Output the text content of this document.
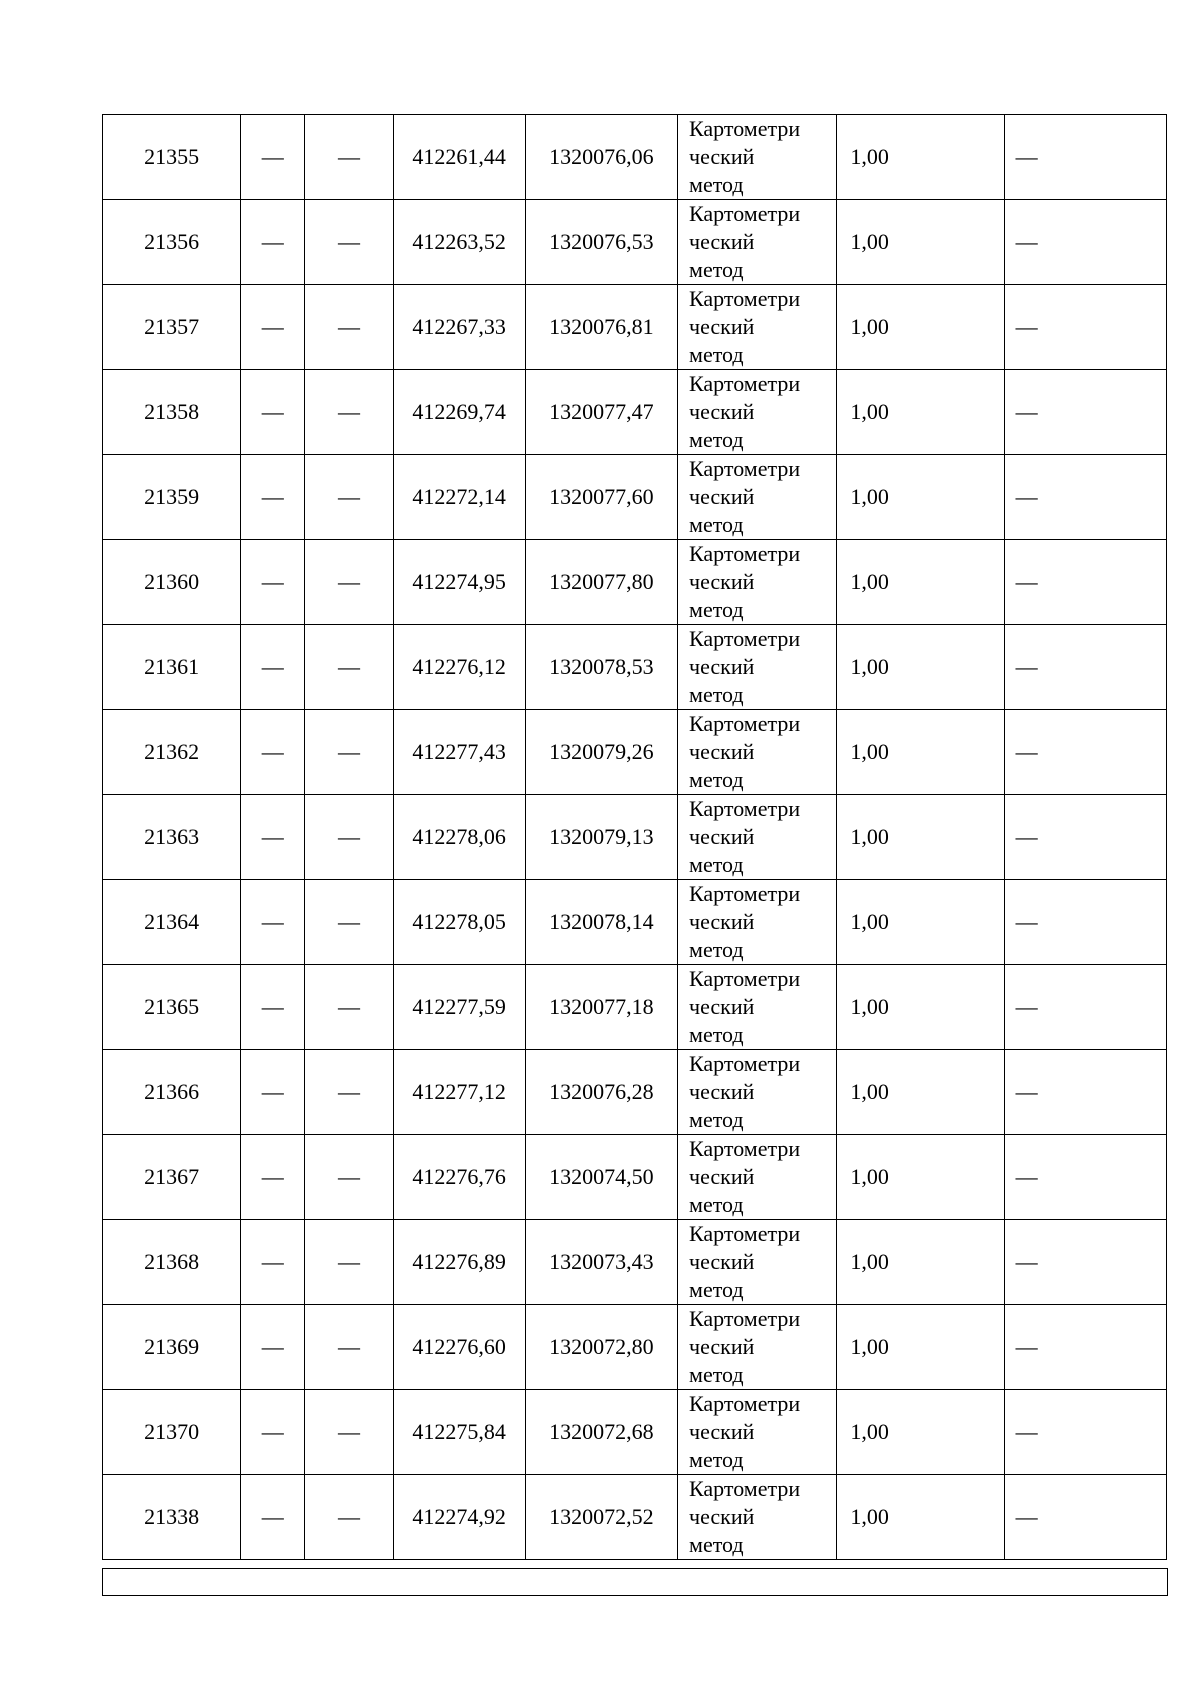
21355	—	—	412261,44	1320076,06	Картометри
ческий
метод	1,00	—
21356	—	—	412263,52	1320076,53	Картометри
ческий
метод	1,00	—
21357	—	—	412267,33	1320076,81	Картометри
ческий
метод	1,00	—
21358	—	—	412269,74	1320077,47	Картометри
ческий
метод	1,00	—
21359	—	—	412272,14	1320077,60	Картометри
ческий
метод	1,00	—
21360	—	—	412274,95	1320077,80	Картометри
ческий
метод	1,00	—
21361	—	—	412276,12	1320078,53	Картометри
ческий
метод	1,00	—
21362	—	—	412277,43	1320079,26	Картометри
ческий
метод	1,00	—
21363	—	—	412278,06	1320079,13	Картометри
ческий
метод	1,00	—
21364	—	—	412278,05	1320078,14	Картометри
ческий
метод	1,00	—
21365	—	—	412277,59	1320077,18	Картометри
ческий
метод	1,00	—
21366	—	—	412277,12	1320076,28	Картометри
ческий
метод	1,00	—
21367	—	—	412276,76	1320074,50	Картометри
ческий
метод	1,00	—
21368	—	—	412276,89	1320073,43	Картометри
ческий
метод	1,00	—
21369	—	—	412276,60	1320072,80	Картометри
ческий
метод	1,00	—
21370	—	—	412275,84	1320072,68	Картометри
ческий
метод	1,00	—
21338	—	—	412274,92	1320072,52	Картометри
ческий
метод	1,00	—
